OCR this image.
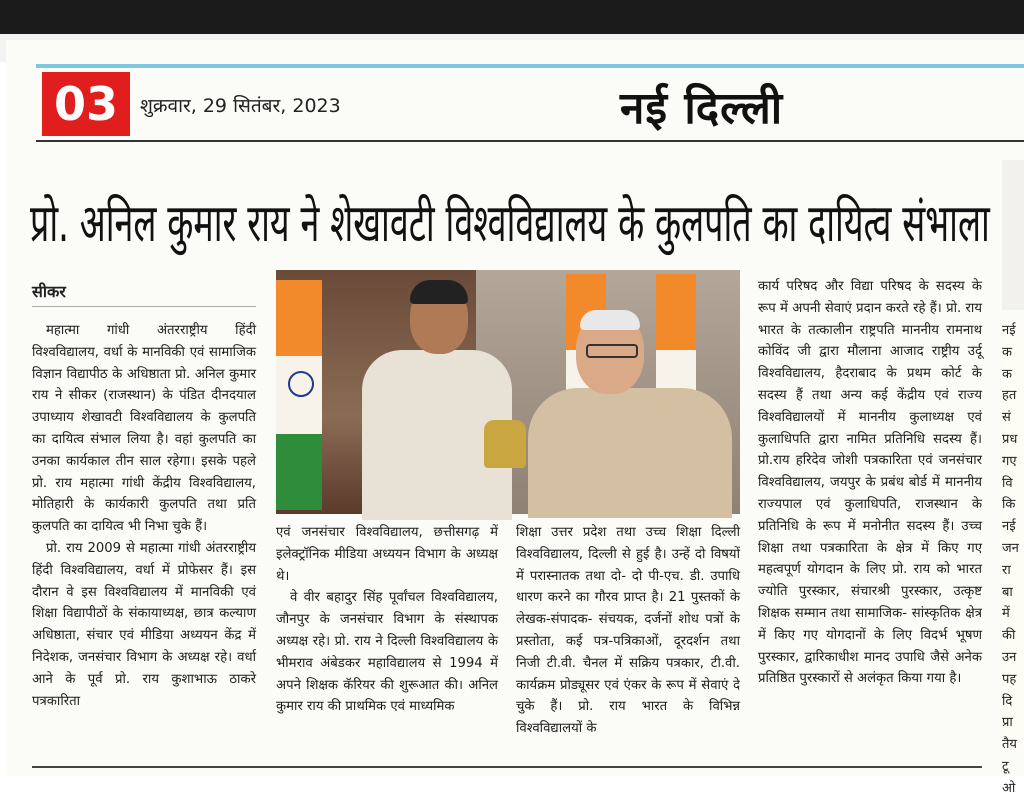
03	शुक्रवार, 29 सितंबर, 2023	नई दिल्ली
प्रो. अनिल कुमार राय ने शेखावटी विश्वविद्यालय के कुलपति का दायित्व संभाला
सीकर

महात्मा गांधी अंतरराष्ट्रीय हिंदी विश्वविद्यालय, वर्धा के मानविकी एवं सामाजिक विज्ञान विद्यापीठ के अधिष्ठाता प्रो. अनिल कुमार राय ने सीकर (राजस्थान) के पंडित दीनदयाल उपाध्याय शेखावटी विश्वविद्यालय के कुलपति का दायित्व संभाल लिया है। वहां कुलपति का उनका कार्यकाल तीन साल रहेगा। इसके पहले प्रो. राय महात्मा गांधी केंद्रीय विश्वविद्यालय, मोतिहारी के कार्यकारी कुलपति तथा प्रति कुलपति का दायित्व भी निभा चुके हैं।

प्रो. राय 2009 से महात्मा गांधी अंतरराष्ट्रीय हिंदी विश्वविद्यालय, वर्धा में प्रोफेसर हैं। इस दौरान वे इस विश्वविद्यालय में मानविकी एवं शिक्षा विद्यापीठों के संकायाध्यक्ष, छात्र कल्याण अधिष्ठाता, संचार एवं मीडिया अध्ययन केंद्र में निदेशक, जनसंचार विभाग के अध्यक्ष रहे। वर्धा आने के पूर्व प्रो. राय कुशाभाऊ ठाकरे पत्रकारिता

एवं जनसंचार विश्वविद्यालय, छत्तीसगढ़ में इलेक्ट्रॉनिक मीडिया अध्ययन विभाग के अध्यक्ष थे।

वे वीर बहादुर सिंह पूर्वांचल विश्वविद्यालय, जौनपुर के जनसंचार विभाग के संस्थापक अध्यक्ष रहे। प्रो. राय ने दिल्ली विश्वविद्यालय के भीमराव अंबेडकर महाविद्यालय से 1994 में अपने शिक्षक कॅरियर की शुरूआत की। अनिल कुमार राय की प्राथमिक एवं माध्यमिक

शिक्षा उत्तर प्रदेश तथा उच्च शिक्षा दिल्ली विश्वविद्यालय, दिल्ली से हुई है। उन्हें दो विषयों में परास्नातक तथा दो- दो पी-एच. डी. उपाधि धारण करने का गौरव प्राप्त है। 21 पुस्तकों के लेखक-संपादक- संचयक, दर्जनों शोध पत्रों के प्रस्तोता, कई पत्र-पत्रिकाओं, दूरदर्शन तथा निजी टी.वी. चैनल में सक्रिय पत्रकार, टी.वी. कार्यक्रम प्रोड्यूसर एवं एंकर के रूप में सेवाएं दे चुके हैं। प्रो. राय भारत के विभिन्न विश्वविद्यालयों के

कार्य परिषद और विद्या परिषद के सदस्य के रूप में अपनी सेवाएं प्रदान करते रहे हैं। प्रो. राय भारत के तत्कालीन राष्ट्रपति माननीय रामनाथ कोविंद जी द्वारा मौलाना आजाद राष्ट्रीय उर्दू विश्वविद्यालय, हैदराबाद के प्रथम कोर्ट के सदस्य हैं तथा अन्य कई केंद्रीय एवं राज्य विश्वविद्यालयों में माननीय कुलाध्यक्ष एवं कुलाधिपति द्वारा नामित प्रतिनिधि सदस्य हैं। प्रो.राय हरिदेव जोशी पत्रकारिता एवं जनसंचार विश्वविद्यालय, जयपुर के प्रबंध बोर्ड में माननीय राज्यपाल एवं कुलाधिपति, राजस्थान के प्रतिनिधि के रूप में मनोनीत सदस्य हैं। उच्च शिक्षा तथा पत्रकारिता के क्षेत्र में किए गए महत्वपूर्ण योगदान के लिए प्रो. राय को भारत ज्योति पुरस्कार, संचारश्री पुरस्कार, उत्कृष्ट शिक्षक सम्मान तथा सामाजिक- सांस्कृतिक क्षेत्र में किए गए योगदानों के लिए विदर्भ भूषण पुरस्कार, द्वारिकाधीश मानद उपाधि जैसे अनेक प्रतिष्ठित पुरस्कारों से अलंकृत किया गया है।

नई
क
क
हत
सं
प्रध
गए
वि
कि
नई
जन
रा
बा
में
की
उन
पह
दि
प्रा
तैय
टू
ओ
